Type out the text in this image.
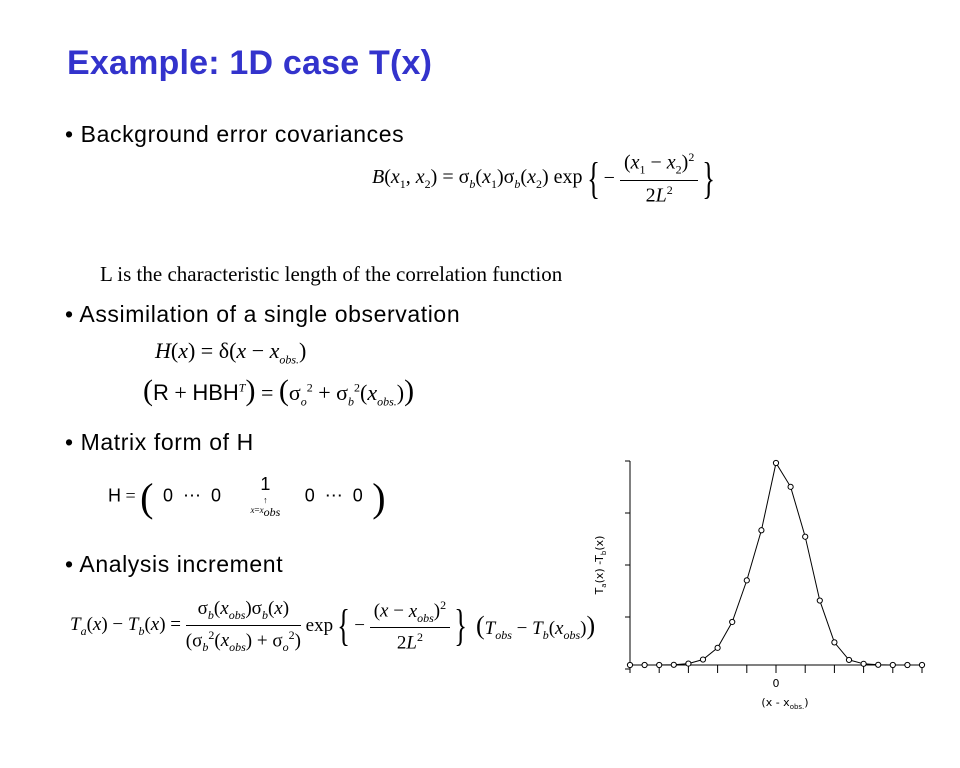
Example: 1D case T(x)
• Background error covariances
$B(x_1$, $x_2) = \sigma_b(x_1)\sigma_b(x_2)$ $\exp\{ - \frac{(x_1 - x_2)^2}{2L^2}$ }
L is the characteristic length of the correlation function
• Assimilation of a single observation
$H(x) = \delta(x - x_{obs.})$
$(R + HBH^T) = (\sigma_o^2 + \sigma_b^2(x_{obs.}))$
• Matrix form of H
H = (  0  ⋯  0
1
↑
$x=x_{obs}$
0  ⋯  0  )
• Analysis increment
$T_a(x) - T_b(x) = \frac{\sigma_b(x_{obs})\sigma_b(x)}{(\sigma_b^2(x_{obs}) + \sigma_o^2)} \exp\{ - \frac{(x - x_{obs})^2}{2L^2}$ } $(T_{obs} - T_b(x_{obs}))$
0
$T_a(x)$ $-T_b(x)$
$(x - x_{obs.})$
